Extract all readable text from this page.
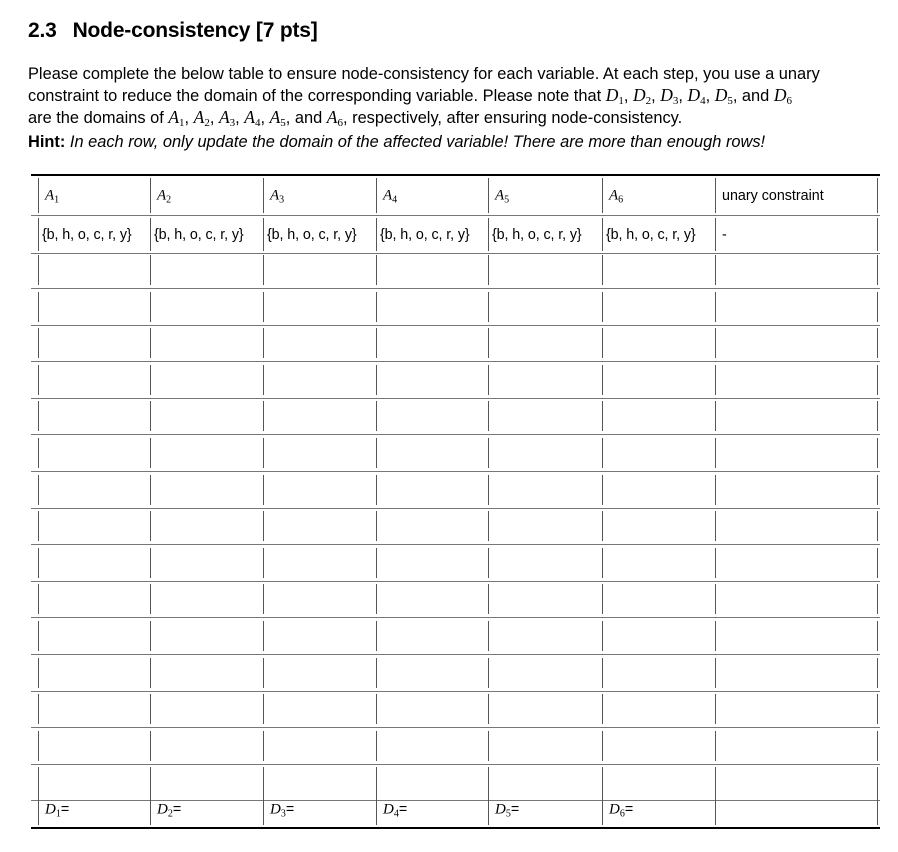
2.3 Node-consistency [7 pts]
Please complete the below table to ensure node-consistency for each variable. At each step, you use a unary
constraint to reduce the domain of the corresponding variable. Please note that $D_1$, $D_2$, $D_3$, $D_4$, $D_5$, and $D_6$
are the domains of $A_1$, $A_2$, $A_3$, $A_4$, $A_5$, and $A_6$, respectively, after ensuring node-consistency.
Hint: In each row, only update the domain of the affected variable! There are more than enough rows!
$A_1$	$A_2$	$A_3$	$A_4$	$A_5$	$A_6$	unary constraint
{b, h, o, c, r, y} {b, h, o, c, r, y} {b, h, o, c, r, y} {b, h, o, c, r, y} {b, h, o, c, r, y} {b, h, o, c, r, y} -
$D_1=$	$D_2=$	$D_3=$	$D_4=$	$D_5=$	$D_6=$
